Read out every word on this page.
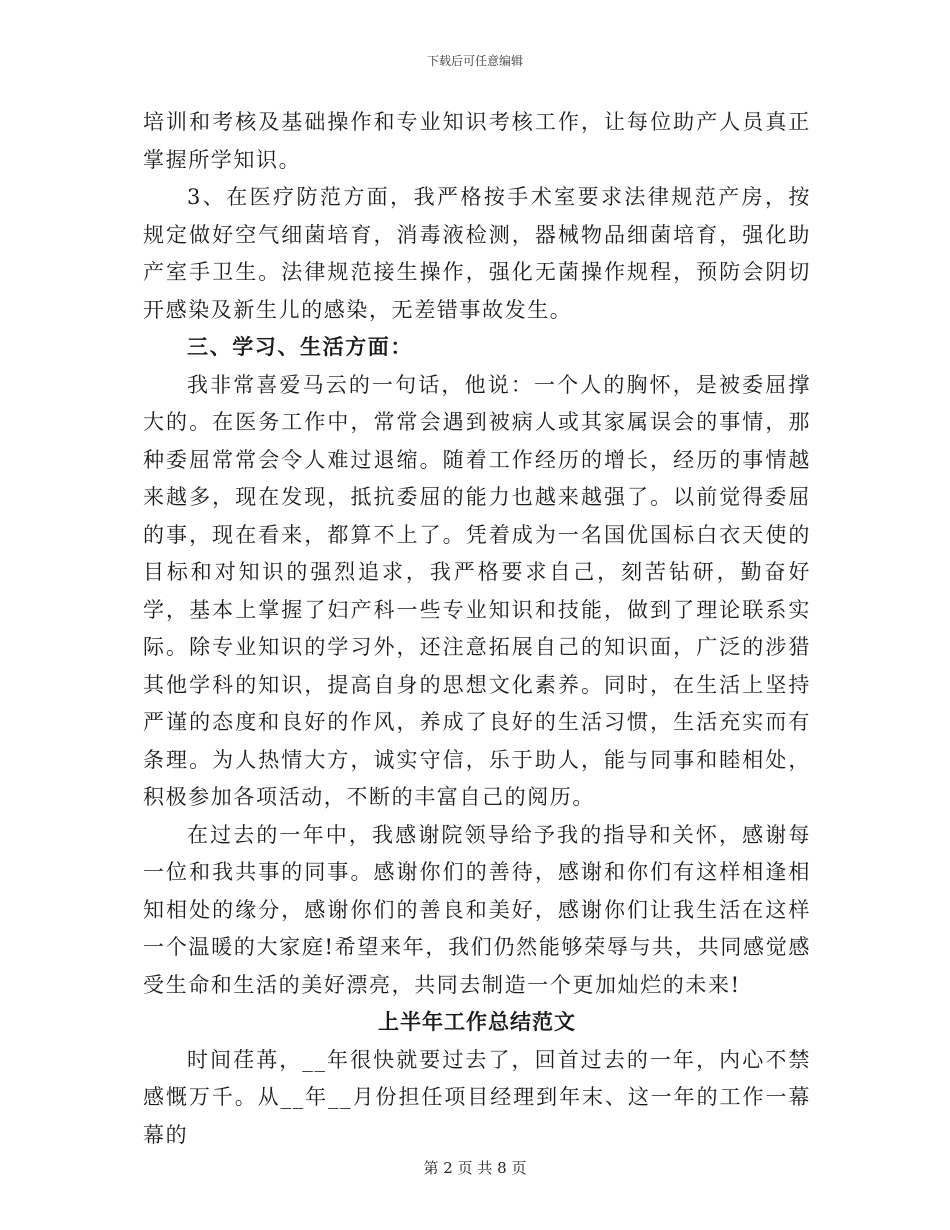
下载后可任意编辑

培训和考核及基础操作和专业知识考核工作，让每位助产人员真正掌握所学知识。

3、在医疗防范方面，我严格按手术室要求法律规范产房，按规定做好空气细菌培育，消毒液检测，器械物品细菌培育，强化助产室手卫生。法律规范接生操作，强化无菌操作规程，预防会阴切开感染及新生儿的感染，无差错事故发生。

三、学习、生活方面：

我非常喜爱马云的一句话，他说：一个人的胸怀，是被委屈撑大的。在医务工作中，常常会遇到被病人或其家属误会的事情，那种委屈常常会令人难过退缩。随着工作经历的增长，经历的事情越来越多，现在发现，抵抗委屈的能力也越来越强了。以前觉得委屈的事，现在看来，都算不上了。凭着成为一名国优国标白衣天使的目标和对知识的强烈追求，我严格要求自己，刻苦钻研，勤奋好学，基本上掌握了妇产科一些专业知识和技能，做到了理论联系实际。除专业知识的学习外，还注意拓展自己的知识面，广泛的涉猎其他学科的知识，提高自身的思想文化素养。同时，在生活上坚持严谨的态度和良好的作风，养成了良好的生活习惯，生活充实而有条理。为人热情大方，诚实守信，乐于助人，能与同事和睦相处，积极参加各项活动，不断的丰富自己的阅历。

在过去的一年中，我感谢院领导给予我的指导和关怀，感谢每一位和我共事的同事。感谢你们的善待，感谢和你们有这样相逢相知相处的缘分，感谢你们的善良和美好，感谢你们让我生活在这样一个温暖的大家庭!希望来年，我们仍然能够荣辱与共，共同感觉感受生命和生活的美好漂亮，共同去制造一个更加灿烂的未来!

上半年工作总结范文

时间荏苒，__年很快就要过去了，回首过去的一年，内心不禁感慨万千。从__年__月份担任项目经理到年末、这一年的工作一幕幕的

第 2 页 共 8 页
